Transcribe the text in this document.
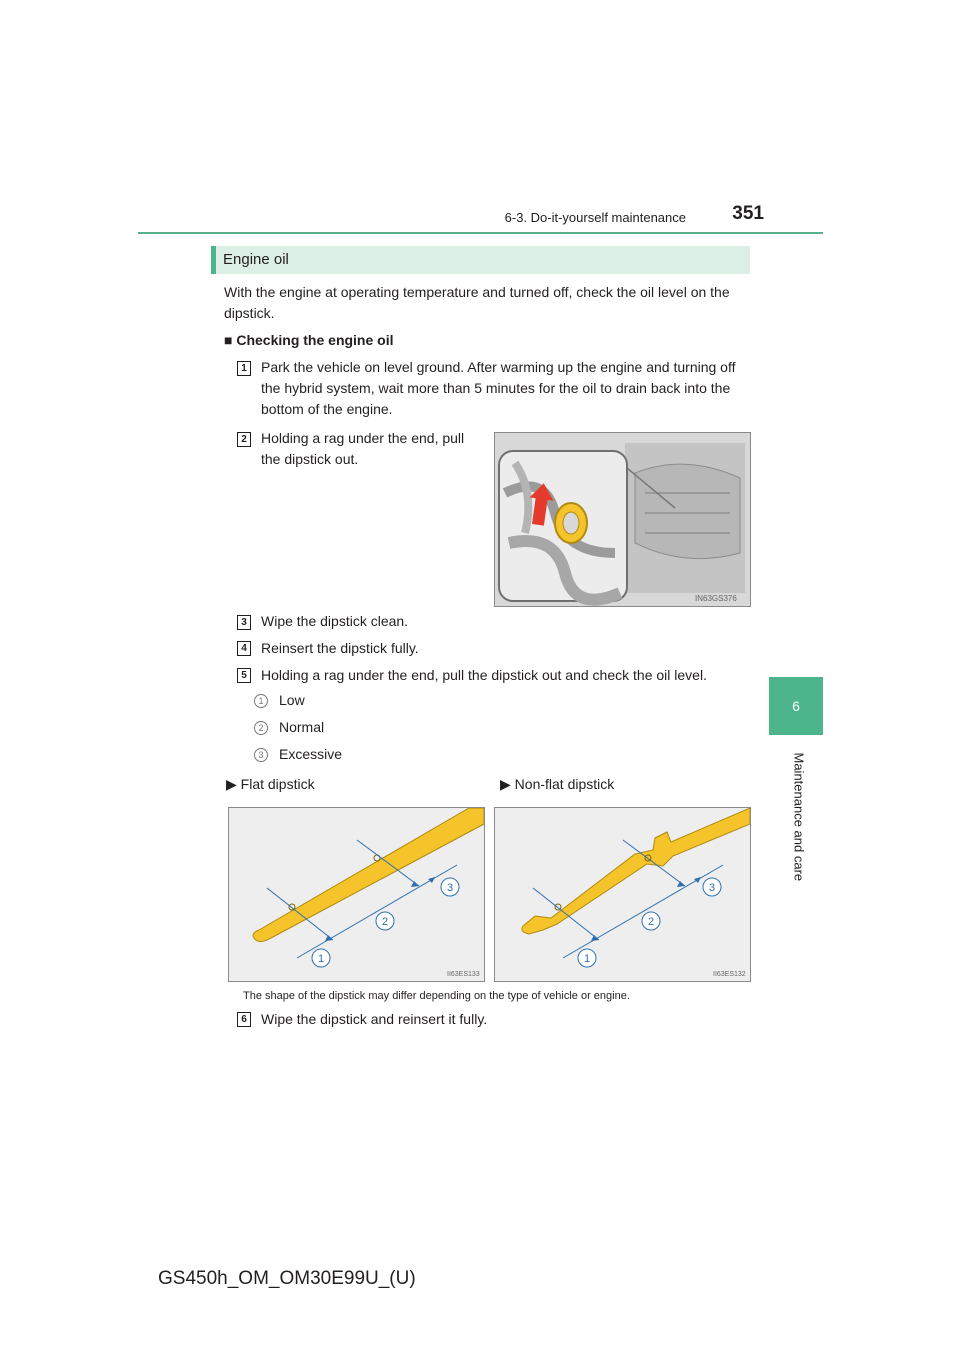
6-3. Do-it-yourself maintenance	351
6
Maintenance and care
Engine oil
With the engine at operating temperature and turned off, check the oil level on the dipstick.
■ Checking the engine oil
1	Park the vehicle on level ground. After warming up the engine and turning off the hybrid system, wait more than 5 minutes for the oil to drain back into the bottom of the engine.
2	Holding a rag under the end, pull the dipstick out.
IN63GS376
3	Wipe the dipstick clean.
4	Reinsert the dipstick fully.
5	Holding a rag under the end, pull the dipstick out and check the oil level.
1	Low
2	Normal
3	Excessive
▶ Flat dipstick	▶ Non-flat dipstick
1
2
3
II63ES133
1
2
3
II63ES132
The shape of the dipstick may differ depending on the type of vehicle or engine.
6	Wipe the dipstick and reinsert it fully.
GS450h_OM_OM30E99U_(U)
